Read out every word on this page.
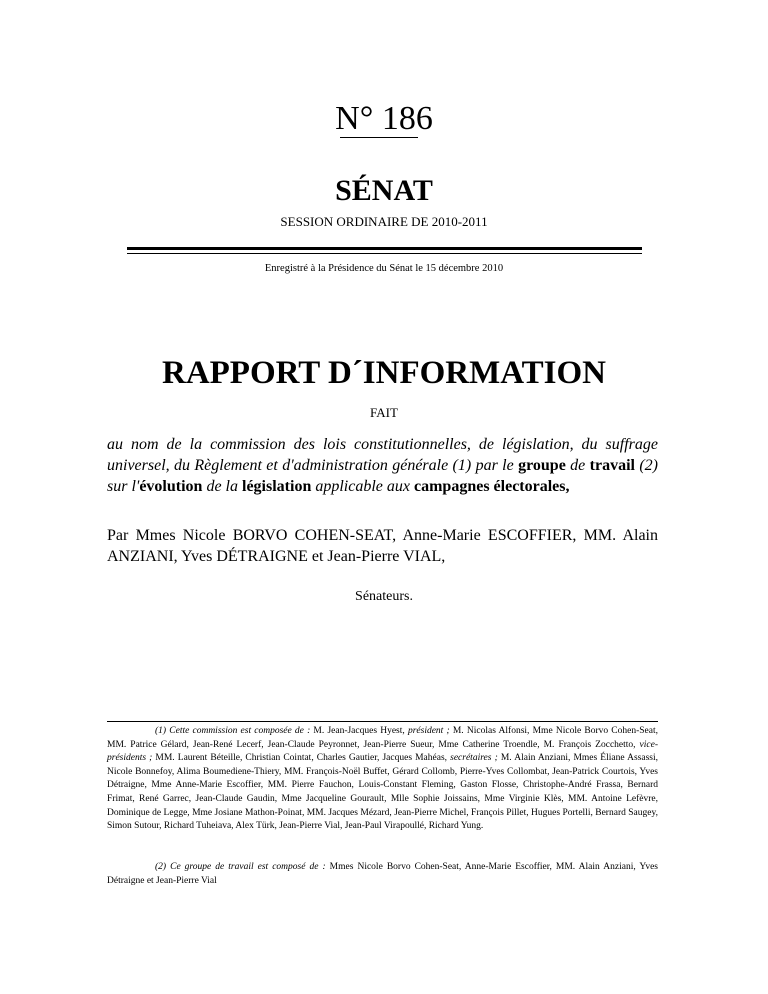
N° 186
SÉNAT
SESSION ORDINAIRE DE 2010-2011
Enregistré à la Présidence du Sénat le 15 décembre 2010
RAPPORT D´INFORMATION
FAIT
au nom de la commission des lois constitutionnelles, de législation, du suffrage universel, du Règlement et d'administration générale (1) par le groupe de travail (2) sur l'évolution de la législation applicable aux campagnes électorales,
Par Mmes Nicole BORVO COHEN-SEAT, Anne-Marie ESCOFFIER, MM. Alain ANZIANI, Yves DÉTRAIGNE et Jean-Pierre VIAL,
Sénateurs.
(1) Cette commission est composée de : M. Jean-Jacques Hyest, président ; M. Nicolas Alfonsi, Mme Nicole Borvo Cohen-Seat, MM. Patrice Gélard, Jean-René Lecerf, Jean-Claude Peyronnet, Jean-Pierre Sueur, Mme Catherine Troendle, M. François Zocchetto, vice-présidents ; MM. Laurent Béteille, Christian Cointat, Charles Gautier, Jacques Mahéas, secrétaires ; M. Alain Anziani, Mmes Éliane Assassi, Nicole Bonnefoy, Alima Boumediene-Thiery, MM. François-Noël Buffet, Gérard Collomb, Pierre-Yves Collombat, Jean-Patrick Courtois, Yves Détraigne, Mme Anne-Marie Escoffier, MM. Pierre Fauchon, Louis-Constant Fleming, Gaston Flosse, Christophe-André Frassa, Bernard Frimat, René Garrec, Jean-Claude Gaudin, Mme Jacqueline Gourault, Mlle Sophie Joissains, Mme Virginie Klès, MM. Antoine Lefèvre, Dominique de Legge, Mme Josiane Mathon-Poinat, MM. Jacques Mézard, Jean-Pierre Michel, François Pillet, Hugues Portelli, Bernard Saugey, Simon Sutour, Richard Tuheiava, Alex Türk, Jean-Pierre Vial, Jean-Paul Virapoullé, Richard Yung.
(2) Ce groupe de travail est composé de : Mmes Nicole Borvo Cohen-Seat, Anne-Marie Escoffier, MM. Alain Anziani, Yves Détraigne et Jean-Pierre Vial
